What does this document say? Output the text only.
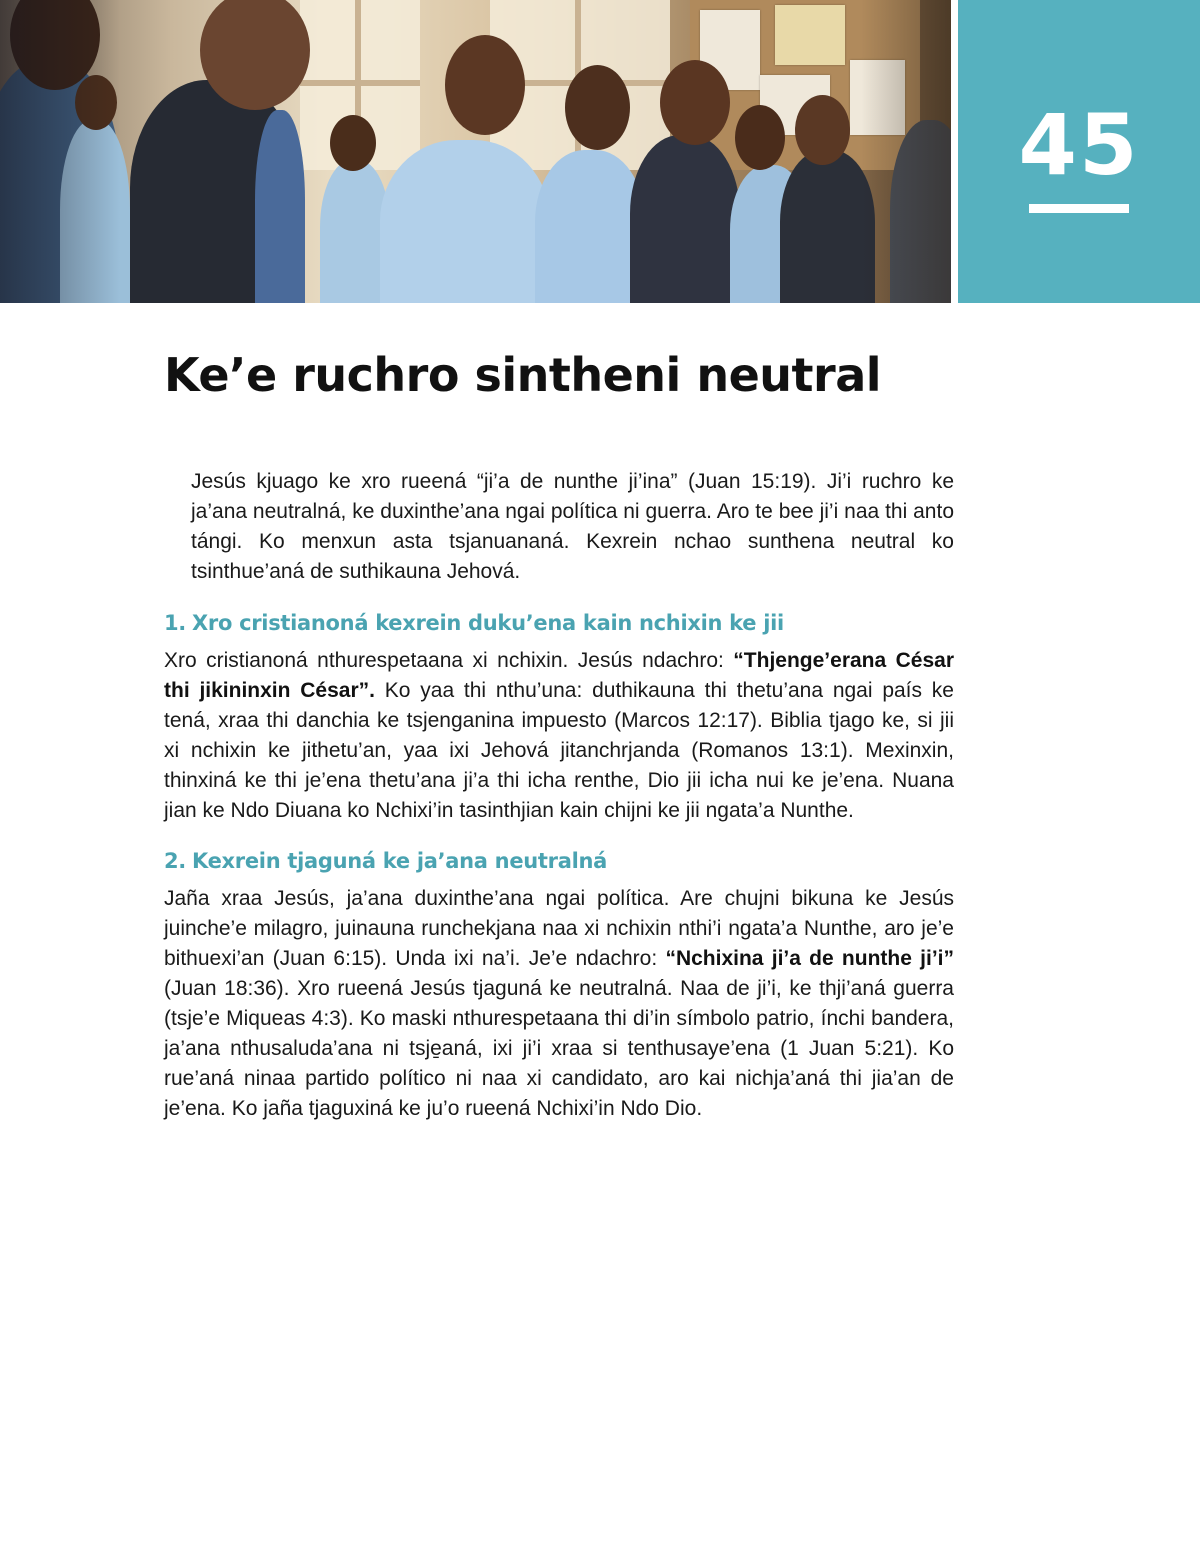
45
Ke’e ruchro sintheni neutral

Jesús kjuago ke xro rueená “ji’a de nunthe ji’ina” (Juan 15:19). Ji’i ruchro ke ja’ana neutralná, ke duxinthe’ana ngai política ni guerra. Aro te bee ji’i naa thi anto tángi. Ko menxun asta tsjanuananá. Kexrein nchao sunthena neutral ko tsinthue’aná de suthikauna Jehová.

1. Xro cristianoná kexrein duku’ena kain nchixin ke jii

Xro cristianoná nthurespetaana xi nchixin. Jesús ndachro: “Thjenge’erana César thi jikininxin César”. Ko yaa thi nthu’una: duthikauna thi thetu’ana ngai país ke tená, xraa thi danchia ke tsjenganina impuesto (Marcos 12:17). Biblia tjago ke, si jii xi nchixin ke jithetu’an, yaa ixi Jehová jitanchrjanda (Romanos 13:1). Mexinxin, thinxiná ke thi je’ena thetu’ana ji’a thi icha renthe, Dio jii icha nui ke je’ena. Nuana jian ke Ndo Diuana ko Nchixi’in tasinthjian kain chijni ke jii ngata’a Nunthe.

2. Kexrein tjaguná ke ja’ana neutralná

Jaña xraa Jesús, ja’ana duxinthe’ana ngai política. Are chujni bikuna ke Jesús juinche’e milagro, juinauna runchekjana naa xi nchixin nthi’i ngata’a Nunthe, aro je’e bithuexi’an (Juan 6:15). Unda ixi na’i. Je’e ndachro: “Nchixina ji’a de nunthe ji’i” (Juan 18:36). Xro rueená Jesús tjaguná ke neutralná. Naa de ji’i, ke thji’aná guerra (tsje’e Miqueas 4:3). Ko maski nthurespetaana thi di’in símbolo patrio, ínchi bandera, ja’ana nthusaluda’ana ni tsje̱aná, ixi ji’i xraa si tenthusaye’ena (1 Juan 5:21). Ko rue’aná ninaa partido político ni naa xi candidato, aro kai nichja’aná thi jia’an de je’ena. Ko jaña tjaguxiná ke ju’o rueená Nchixi’in Ndo Dio.
